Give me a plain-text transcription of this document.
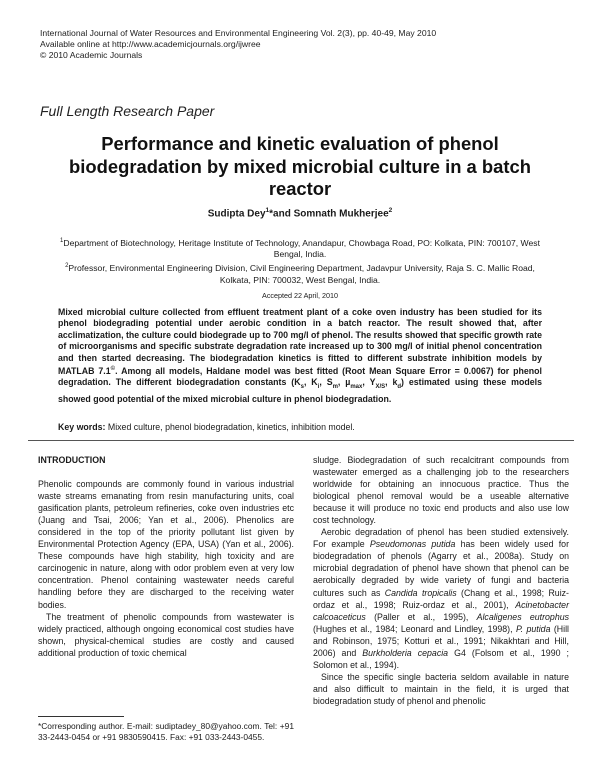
International Journal of Water Resources and Environmental Engineering Vol. 2(3), pp. 40-49, May 2010
Available online at http://www.academicjournals.org/ijwree
© 2010 Academic Journals
Full Length Research Paper
Performance and kinetic evaluation of phenol biodegradation by mixed microbial culture in a batch reactor
Sudipta Dey$^1$*and Somnath Mukherjee$^2$
$^1$Department of Biotechnology, Heritage Institute of Technology, Anandapur, Chowbaga Road, PO: Kolkata, PIN: 700107, West Bengal, India.
$^2$Professor, Environmental Engineering Division, Civil Engineering Department, Jadavpur University, Raja S. C. Mallic Road, Kolkata, PIN: 700032, West Bengal, India.
Accepted 22 April, 2010
Mixed microbial culture collected from effluent treatment plant of a coke oven industry has been studied for its phenol biodegrading potential under aerobic condition in a batch reactor. The result showed that, after acclimatization, the culture could biodegrade up to 700 mg/l of phenol. The results showed that specific growth rate of microorganisms and specific substrate degradation rate increased up to 300 mg/l of initial phenol concentration and then started decreasing. The biodegradation kinetics is fitted to different substrate inhibition models by MATLAB 7.1©. Among all models, Haldane model was best fitted (Root Mean Square Error = 0.0067) for phenol degradation. The different biodegradation constants ($K_s$, $K_i$, $S_m$, µ$_{max}$, $Y_{X/S}$, $k_d$) estimated using these models showed good potential of the mixed microbial culture in phenol biodegradation.
Key words: Mixed culture, phenol biodegradation, kinetics, inhibition model.
INTRODUCTION

Phenolic compounds are commonly found in various industrial waste streams emanating from resin manufacturing units, coal gasification plants, petroleum refineries, coke oven industries etc (Juang and Tsai, 2006; Yan et al., 2006). Phenolics are considered in the top of the priority pollutant list given by Environmental Protection Agency (EPA, USA) (Yan et al., 2006). These compounds have high stability, high toxicity and are carcinogenic in nature, along with odor problem even at very low concentration. Phenol containing wastewater needs careful handling before they are discharged to the receiving water bodies.

The treatment of phenolic compounds from wastewater is widely practiced, although ongoing economical cost studies have shown, physical-chemical studies are costly and caused additional production of toxic chemical

sludge. Biodegradation of such recalcitrant compounds from wastewater emerged as a challenging job to the researchers worldwide for obtaining an innocuous practice. Thus the biological phenol removal would be a useable alternative because it will produce no toxic end products and also use low cost technology.

Aerobic degradation of phenol has been studied extensively. For example Pseudomonas putida has been widely used for biodegradation of phenols (Agarry et al., 2008a). Study on microbial degradation of phenol have shown that phenol can be aerobically degraded by wide variety of fungi and bacteria cultures such as Candida tropicalis (Chang et al., 1998; Ruiz-ordaz et al., 1998; Ruiz-ordaz et al., 2001), Acinetobacter calcoaceticus (Paller et al., 1995), Alcaligenes eutrophus (Hughes et al., 1984; Leonard and Lindley, 1998), P. putida (Hill and Robinson, 1975; Kotturi et al., 1991; Nikakhtari and Hill, 2006) and Burkholderia cepacia G4 (Folsom et al., 1990 ; Solomon et al., 1994).

Since the specific single bacteria seldom available in nature and also difficult to maintain in the field, it is urged that biodegradation study of phenol and phenolic

*Corresponding author. E-mail: sudiptadey_80@yahoo.com. Tel: +91 33-2443-0454 or +91 9830590415. Fax: +91 033-2443-0455.
